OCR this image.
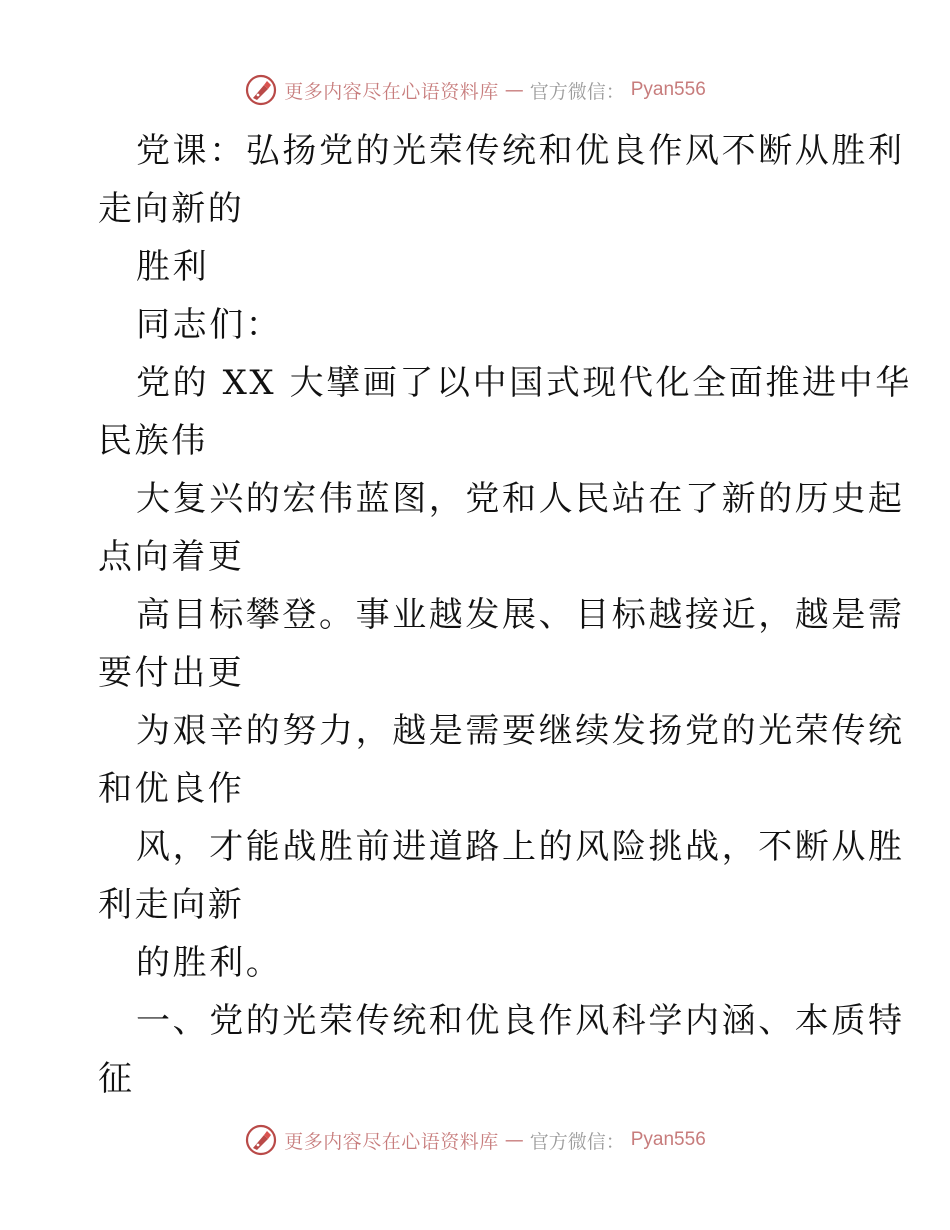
更多内容尽在心语资料库 — 官方微信： Pyan556
党课：弘扬党的光荣传统和优良作风不断从胜利
走向新的
胜利
同志们：
党的 XX 大擘画了以中国式现代化全面推进中华
民族伟
大复兴的宏伟蓝图，党和人民站在了新的历史起
点向着更
高目标攀登。事业越发展、目标越接近，越是需
要付出更
为艰辛的努力，越是需要继续发扬党的光荣传统
和优良作
风，才能战胜前进道路上的风险挑战，不断从胜
利走向新
的胜利。
一、党的光荣传统和优良作风科学内涵、本质特
征
更多内容尽在心语资料库 — 官方微信： Pyan556
